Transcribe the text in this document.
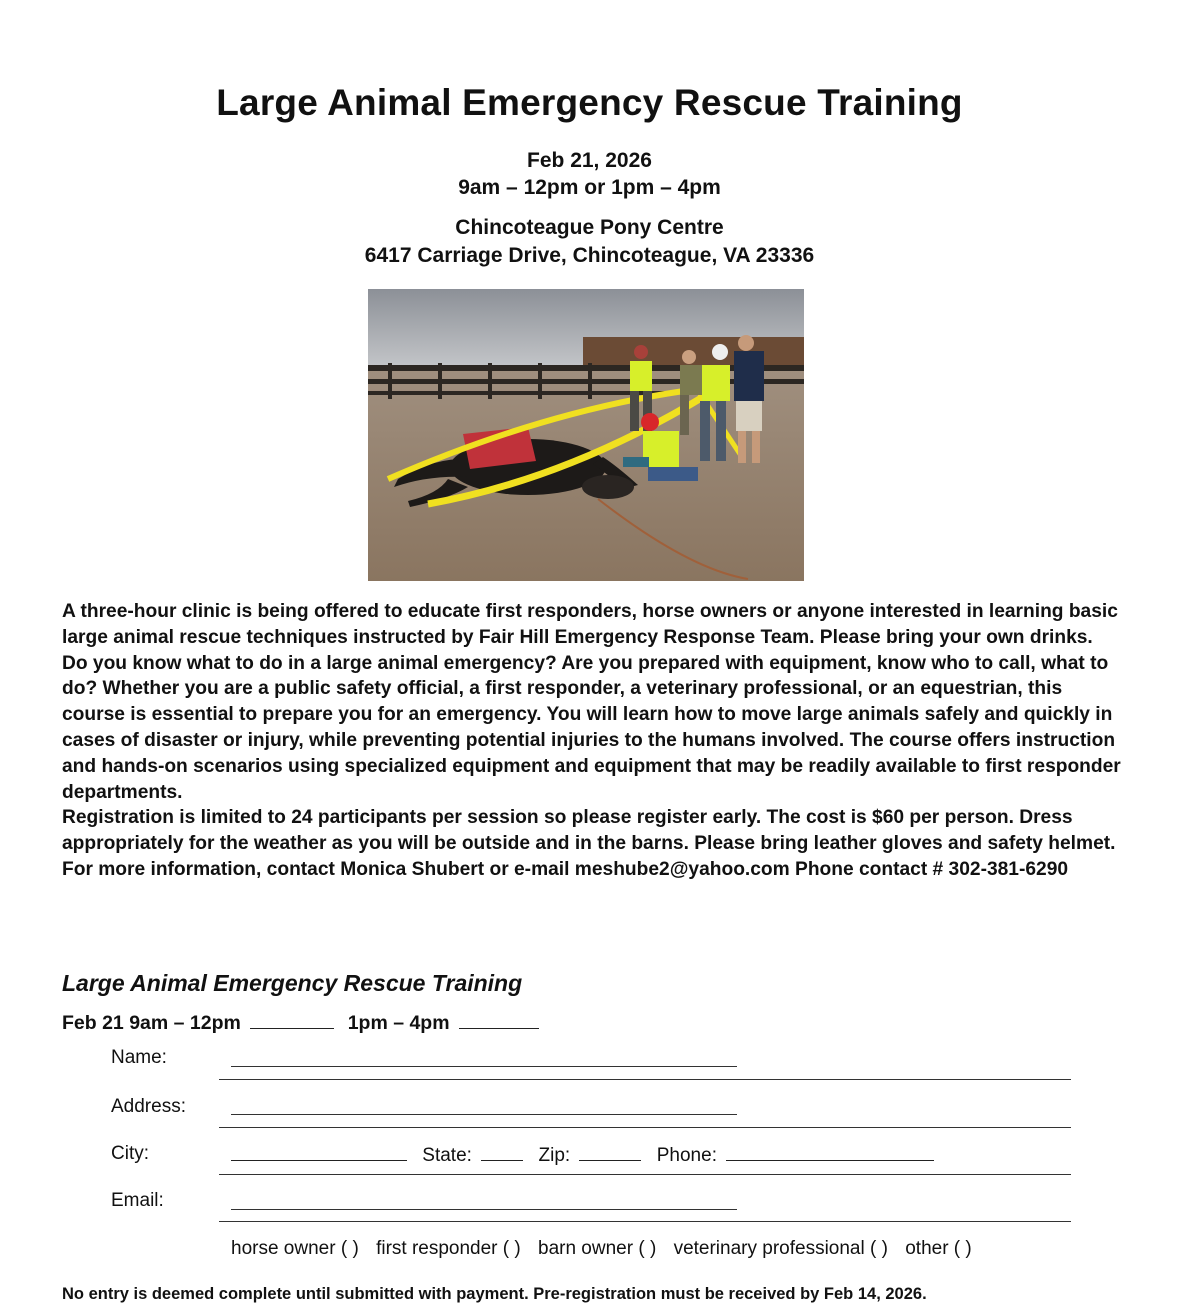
Large Animal Emergency Rescue Training
Feb 21, 2026
9am – 12pm or 1pm – 4pm
Chincoteague Pony Centre
6417 Carriage Drive, Chincoteague, VA 23336

A three-hour clinic is being offered to educate first responders, horse owners or anyone interested in learning basic large animal rescue techniques instructed by Fair Hill Emergency Response Team. Please bring your own drinks.

Do you know what to do in a large animal emergency? Are you prepared with equipment, know who to call, what to do? Whether you are a public safety official, a first responder, a veterinary professional, or an equestrian, this course is essential to prepare you for an emergency. You will learn how to move large animals safely and quickly in cases of disaster or injury, while preventing potential injuries to the humans involved. The course offers instruction and hands-on scenarios using specialized equipment and equipment that may be readily available to first responder departments.

Registration is limited to 24 participants per session so please register early. The cost is $60 per person. Dress appropriately for the weather as you will be outside and in the barns. Please bring leather gloves and safety helmet. For more information, contact Monica Shubert or e-mail meshube2@yahoo.com Phone contact # 302-381-6290

Large Animal Emergency Rescue Training
Feb 21 9am – 12pm	1pm – 4pm
Name:
Address:
City:	State:	Zip:	Phone:
Email:
horse owner ( ) first responder ( ) barn owner ( ) veterinary professional ( ) other ( )
No entry is deemed complete until submitted with payment. Pre-registration must be received by Feb 14, 2026.
